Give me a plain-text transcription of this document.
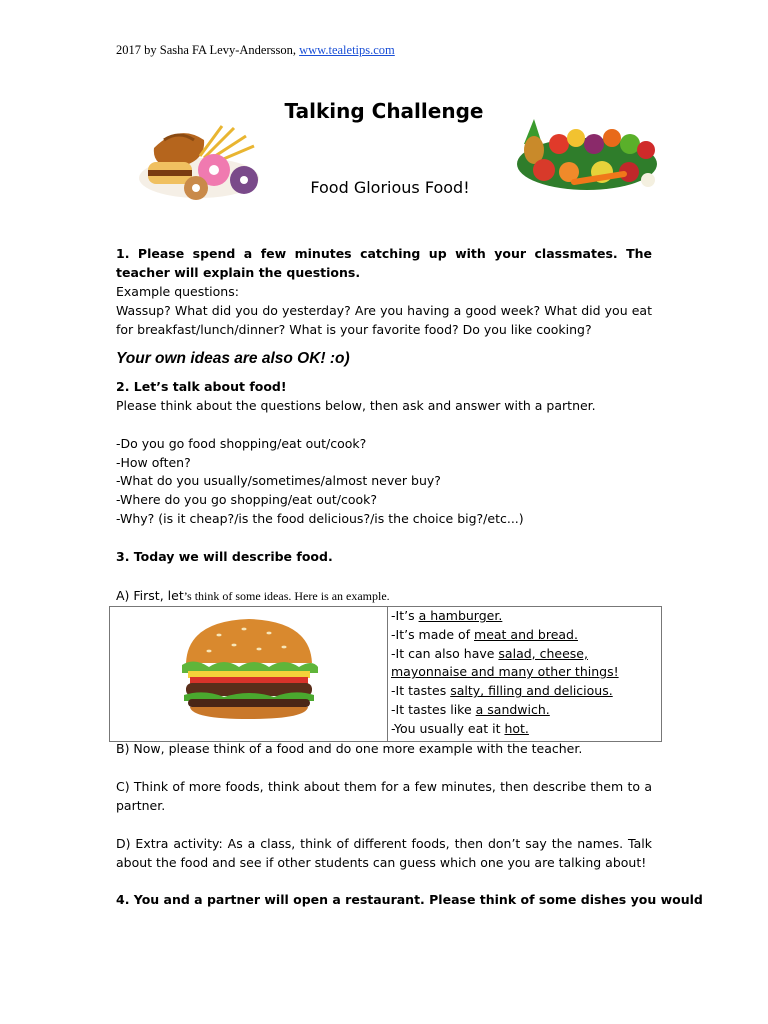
2017 by Sasha FA Levy-Andersson, www.tealetips.com
Talking Challenge
Food Glorious Food!
1. Please spend a few minutes catching up with your classmates. The teacher will explain the questions.
Example questions:
Wassup? What did you do yesterday? Are you having a good week? What did you eat for breakfast/lunch/dinner? What is your favorite food? Do you like cooking?
Your own ideas are also OK! :o)
2. Let’s talk about food!
Please think about the questions below, then ask and answer with a partner.
-Do you go food shopping/eat out/cook?
-How often?
-What do you usually/sometimes/almost never buy?
-Where do you go shopping/eat out/cook?
-Why? (is it cheap?/is the food delicious?/is the choice big?/etc...)
3. Today we will describe food.
A) First, let’s think of some ideas. Here is an example.
-It’s a hamburger.
-It’s made of meat and bread.
-It can also have salad, cheese,
mayonnaise and many other things!
-It tastes salty, filling and delicious.
-It tastes like a sandwich.
-You usually eat it hot.
B) Now, please think of a food and do one more example with the teacher.
C) Think of more foods, think about them for a few minutes, then describe them to a partner.
D) Extra activity: As a class, think of different foods, then don’t say the names. Talk about the food and see if other students can guess which one you are talking about!
4. You and a partner will open a restaurant. Please think of some dishes you would
